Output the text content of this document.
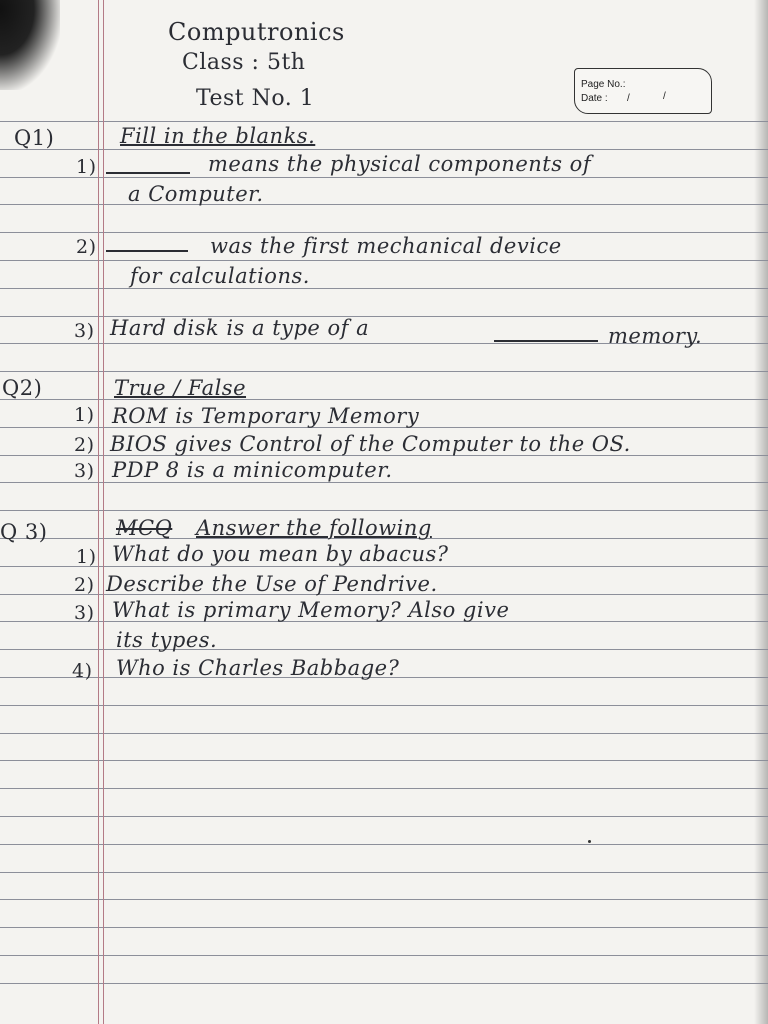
Computronics
Class : 5th
Test No. 1
Page No.:
Date : /	/
Q1)	Fill in the blanks.
1)	means the physical components of
a Computer.
2)	was the first mechanical device
for calculations.
3) Hard disk is a type of a	memory.
Q2)	True / False
1) ROM is Temporary Memory
2) BIOS gives Control of the Computer to the OS.
3) PDP 8 is a minicomputer.
Q 3)	MCQ Answer the following
1) What do you mean by abacus?
2) Describe the Use of Pendrive.
3) What is primary Memory? Also give
its types.
4) Who is Charles Babbage?
